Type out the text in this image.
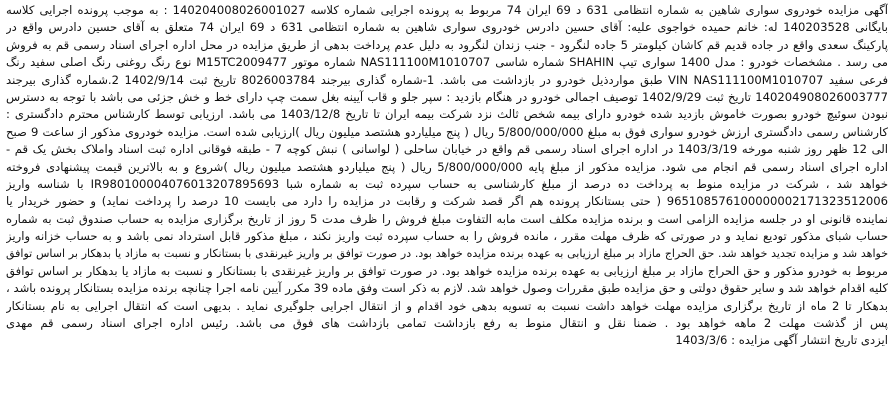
آگهی مزایده خودروی سواری شاهین به شماره انتظامی 631 د 69 ایران 74 مربوط به پرونده اجرایی شماره کلاسه 140204008026001027 : به موجب پرونده اجرایی کلاسه
بایگانی 140203528 له: خانم حمیده خواجوی علیه: آقای حسین دادرس خودروی سواری شاهین به شماره انتظامی 631 د 69 ایران 74 متعلق به آقای حسین دادرس واقع در
پارکینگ سعدی واقع در جاده قدیم قم کاشان کیلومتر 5 جاده لنگرود - جنب زندان لنگرود به دلیل عدم پرداخت بدهی از طریق مزایده در محل اداره اجرای اسناد رسمی قم به فروش
می رسد . مشخصات خودرو : مدل 1400 سواری تیپ SHAHIN شماره شاسی NAS111100M1010707 شماره موتور M15TC2009477 نوع رنگ روغنی رنگ اصلی سفید رنگ
فرعی سفید VIN NAS111100M1010707 طبق مواردذیل خودرو در بازداشت می باشد. 1-شماره گذاری بیرجند 8026003784 تاریخ ثبت 1402/9/14 2.شماره گذاری بیرجند
140204908026003777 تاریخ ثبت 1402/9/29 توصیف اجمالی خودرو در هنگام بازدید : سپر جلو و قاب آیینه بغل سمت چپ دارای خط و خش جزئی می باشد با توجه به دسترس
نبودن سوئیچ خودرو بصورت خاموش بازدید شده خودرو دارای بیمه شخص ثالث نزد شرکت بیمه ایران تا تاریخ 1403/12/8 می باشد. ارزیابی توسط کارشناس محترم دادگستری :
کارشناس رسمی دادگستری ارزش خودرو سواری فوق به مبلغ 5/800/000/000 ریال ( پنج میلیاردو هشتصد میلیون ریال )ارزیابی شده است. مزایده خودروی مذکور از ساعت 9 صبح
الی 12 ظهر روز شنبه مورخه 1403/3/19 در اداره اجرای اسناد رسمی قم واقع در خیابان ساحلی ( لواسانی ) نبش کوچه 7 - طبقه فوقانی اداره ثبت اسناد واملاک بخش یک قم -
اداره اجرای اسناد رسمی قم انجام می شود. مزایده مذکور از مبلغ پایه 5/800/000/000 ریال ( پنج میلیاردو هشتصد میلیون ریال )شروع و به بالاترین قیمت پیشنهادی فروخته
خواهد شد ، شرکت در مزایده منوط به پرداخت ده درصد از مبلغ کارشناسی به حساب سپرده ثبت به شماره شبا IR980100004076013207895693 با شناسه واریز
965108576100000002171323512006 ( حتی بستانکار پرونده هم اگر قصد شرکت و رقابت در مزایده را دارد می بایست 10 درصد را پرداخت نماید) و حضور خریدار یا
نماینده قانونی او در جلسه مزایده الزامی است و برنده مزایده مکلف است مابه التفاوت مبلغ فروش را ظرف مدت 5 روز از تاریخ برگزاری مزایده به حساب صندوق ثبت به شماره
حساب شبای مذکور تودیع نماید و در صورتی که ظرف مهلت مقرر ، مانده فروش را به حساب سپرده ثبت واریز نکند ، مبلغ مذکور قابل استرداد نمی باشد و به حساب خزانه واریز
خواهد شد و مزایده تجدید خواهد شد. حق الحراج مازاد بر مبلغ ارزیابی به عهده برنده مزایده خواهد بود. در صورت توافق بر واریز غیرنقدی با بستانکار و نسبت به مازاد یا بدهکار بر اساس توافق
مربوط به خودرو مذکور و حق الحراج مازاد بر مبلغ ارزیابی به عهده برنده مزایده خواهد بود. در صورت توافق بر واریز غیرنقدی با بستانکار و نسبت به مازاد یا بدهکار بر اساس توافق
کلیه اقدام خواهد شد و سایر حقوق دولتی و حق مزایده طبق مقررات وصول خواهد شد. لازم به ذکر است وفق ماده 39 مکرر آیین نامه اجرا چنانچه برنده مزایده بستانکار پرونده باشد ،
بدهکار تا 2 ماه از تاریخ برگزاری مزایده مهلت خواهد داشت نسبت به تسویه بدهی خود اقدام و از انتقال اجرایی جلوگیری نماید . بدیهی است که انتقال اجرایی به نام بستانکار
پس از گذشت مهلت 2 ماهه خواهد بود . ضمنا نقل و انتقال منوط به رفع بازداشت تمامی بازداشت های فوق می باشد. رئیس اداره اجرای اسناد رسمی قم مهدی
ایزدی تاریخ انتشار آگهی مزایده : 1403/3/6
